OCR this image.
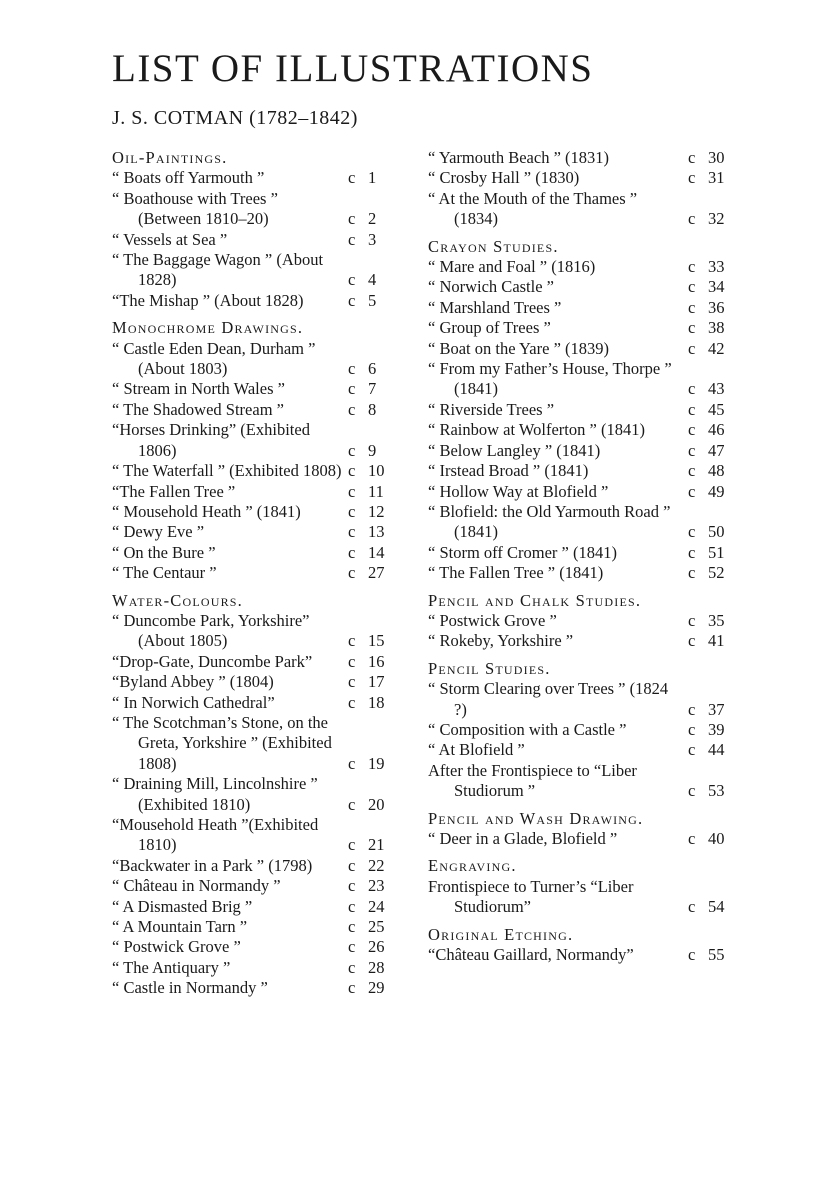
LIST OF ILLUSTRATIONS
J. S. COTMAN (1782–1842)
Oil-Paintings.
“ Boats off Yarmouth ”	c 1
“ Boathouse with Trees ” (Between 1810–20)	c 2
“ Vessels at Sea ”	c 3
“ The Baggage Wagon ” (About 1828)	c 4
“The Mishap ” (About 1828)	c 5
Monochrome Drawings.
“ Castle Eden Dean, Durham ” (About 1803)	c 6
“ Stream in North Wales ”	c 7
“ The Shadowed Stream ”	c 8
“Horses Drinking” (Exhibited 1806)	c 9
“ The Waterfall ” (Exhibited 1808) c 10
“The Fallen Tree ”	c 11
“ Mousehold Heath ” (1841)	c 12
“ Dewy Eve ”	c 13
“ On the Bure ”	c 14
“ The Centaur ”	c 27
Water-Colours.
“ Duncombe Park, Yorkshire” (About 1805)	c 15
“Drop-Gate, Duncombe Park”	c 16
“Byland Abbey ” (1804)	c 17
“ In Norwich Cathedral”	c 18
“ The Scotchman’s Stone, on the Greta, Yorkshire ” (Exhibited 1808)	c 19
“ Draining Mill, Lincolnshire ” (Exhibited 1810)	c 20
“Mousehold Heath ”(Exhibited 1810)	c 21
“Backwater in a Park ” (1798)	c 22
“ Château in Normandy ”	c 23
“ A Dismasted Brig ”	c 24
“ A Mountain Tarn ”	c 25
“ Postwick Grove ”	c 26
“ The Antiquary ”	c 28
“ Castle in Normandy ”	c 29
“ Yarmouth Beach ” (1831)	c 30
“ Crosby Hall ” (1830)	c 31
“ At the Mouth of the Thames ” (1834)	c 32
Crayon Studies.
“ Mare and Foal ” (1816)	c 33
“ Norwich Castle ”	c 34
“ Marshland Trees ”	c 36
“ Group of Trees ”	c 38
“ Boat on the Yare ” (1839)	c 42
“ From my Father’s House, Thorpe ” (1841)	c 43
“ Riverside Trees ”	c 45
“ Rainbow at Wolferton ” (1841)	c 46
“ Below Langley ” (1841)	c 47
“ Irstead Broad ” (1841)	c 48
“ Hollow Way at Blofield ”	c 49
“ Blofield: the Old Yarmouth Road ” (1841)	c 50
“ Storm off Cromer ” (1841)	c 51
“ The Fallen Tree ” (1841)	c 52
Pencil and Chalk Studies.
“ Postwick Grove ”	c 35
“ Rokeby, Yorkshire ”	c 41
Pencil Studies.
“ Storm Clearing over Trees ” (1824 ?)	c 37
“ Composition with a Castle ”	c 39
“ At Blofield ”	c 44
After the Frontispiece to “Liber Studiorum ”	c 53
Pencil and Wash Drawing.
“ Deer in a Glade, Blofield ”	c 40
Engraving.
Frontispiece to Turner’s “Liber Studiorum”	c 54
Original Etching.
“Château Gaillard, Normandy”	c 55
